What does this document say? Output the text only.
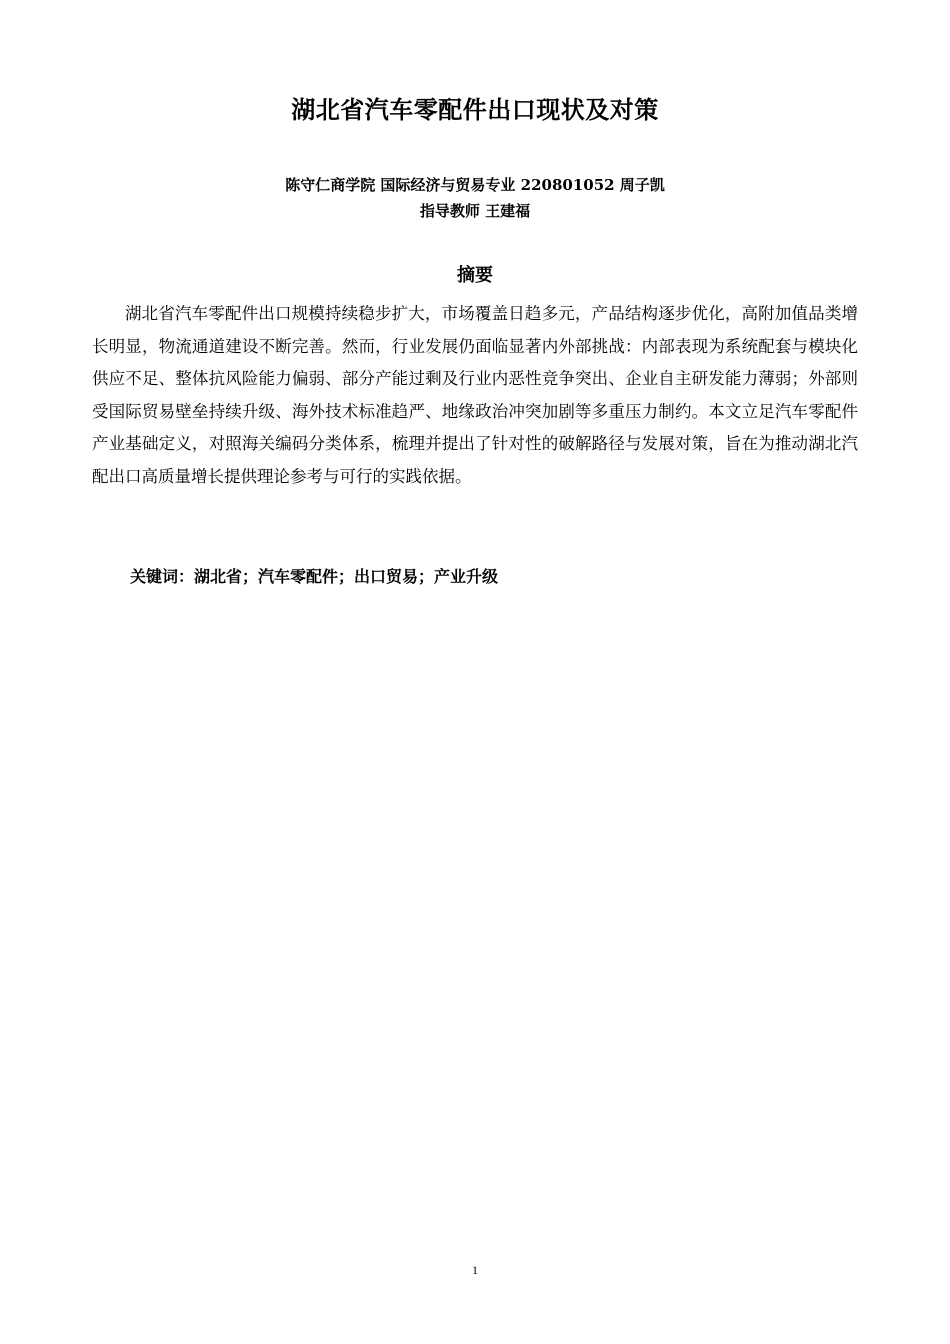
湖北省汽车零配件出口现状及对策
陈守仁商学院 国际经济与贸易专业 220801052 周子凯
指导教师 王建福
摘要

湖北省汽车零配件出口规模持续稳步扩大，市场覆盖日趋多元，产品结构逐步优化，高附加值品类增长明显，物流通道建设不断完善。然而，行业发展仍面临显著内外部挑战：内部表现为系统配套与模块化供应不足、整体抗风险能力偏弱、部分产能过剩及行业内恶性竞争突出、企业自主研发能力薄弱；外部则受国际贸易壁垒持续升级、海外技术标准趋严、地缘政治冲突加剧等多重压力制约。本文立足汽车零配件产业基础定义，对照海关编码分类体系，梳理并提出了针对性的破解路径与发展对策，旨在为推动湖北汽配出口高质量增长提供理论参考与可行的实践依据。

关键词：湖北省；汽车零配件；出口贸易；产业升级
1
